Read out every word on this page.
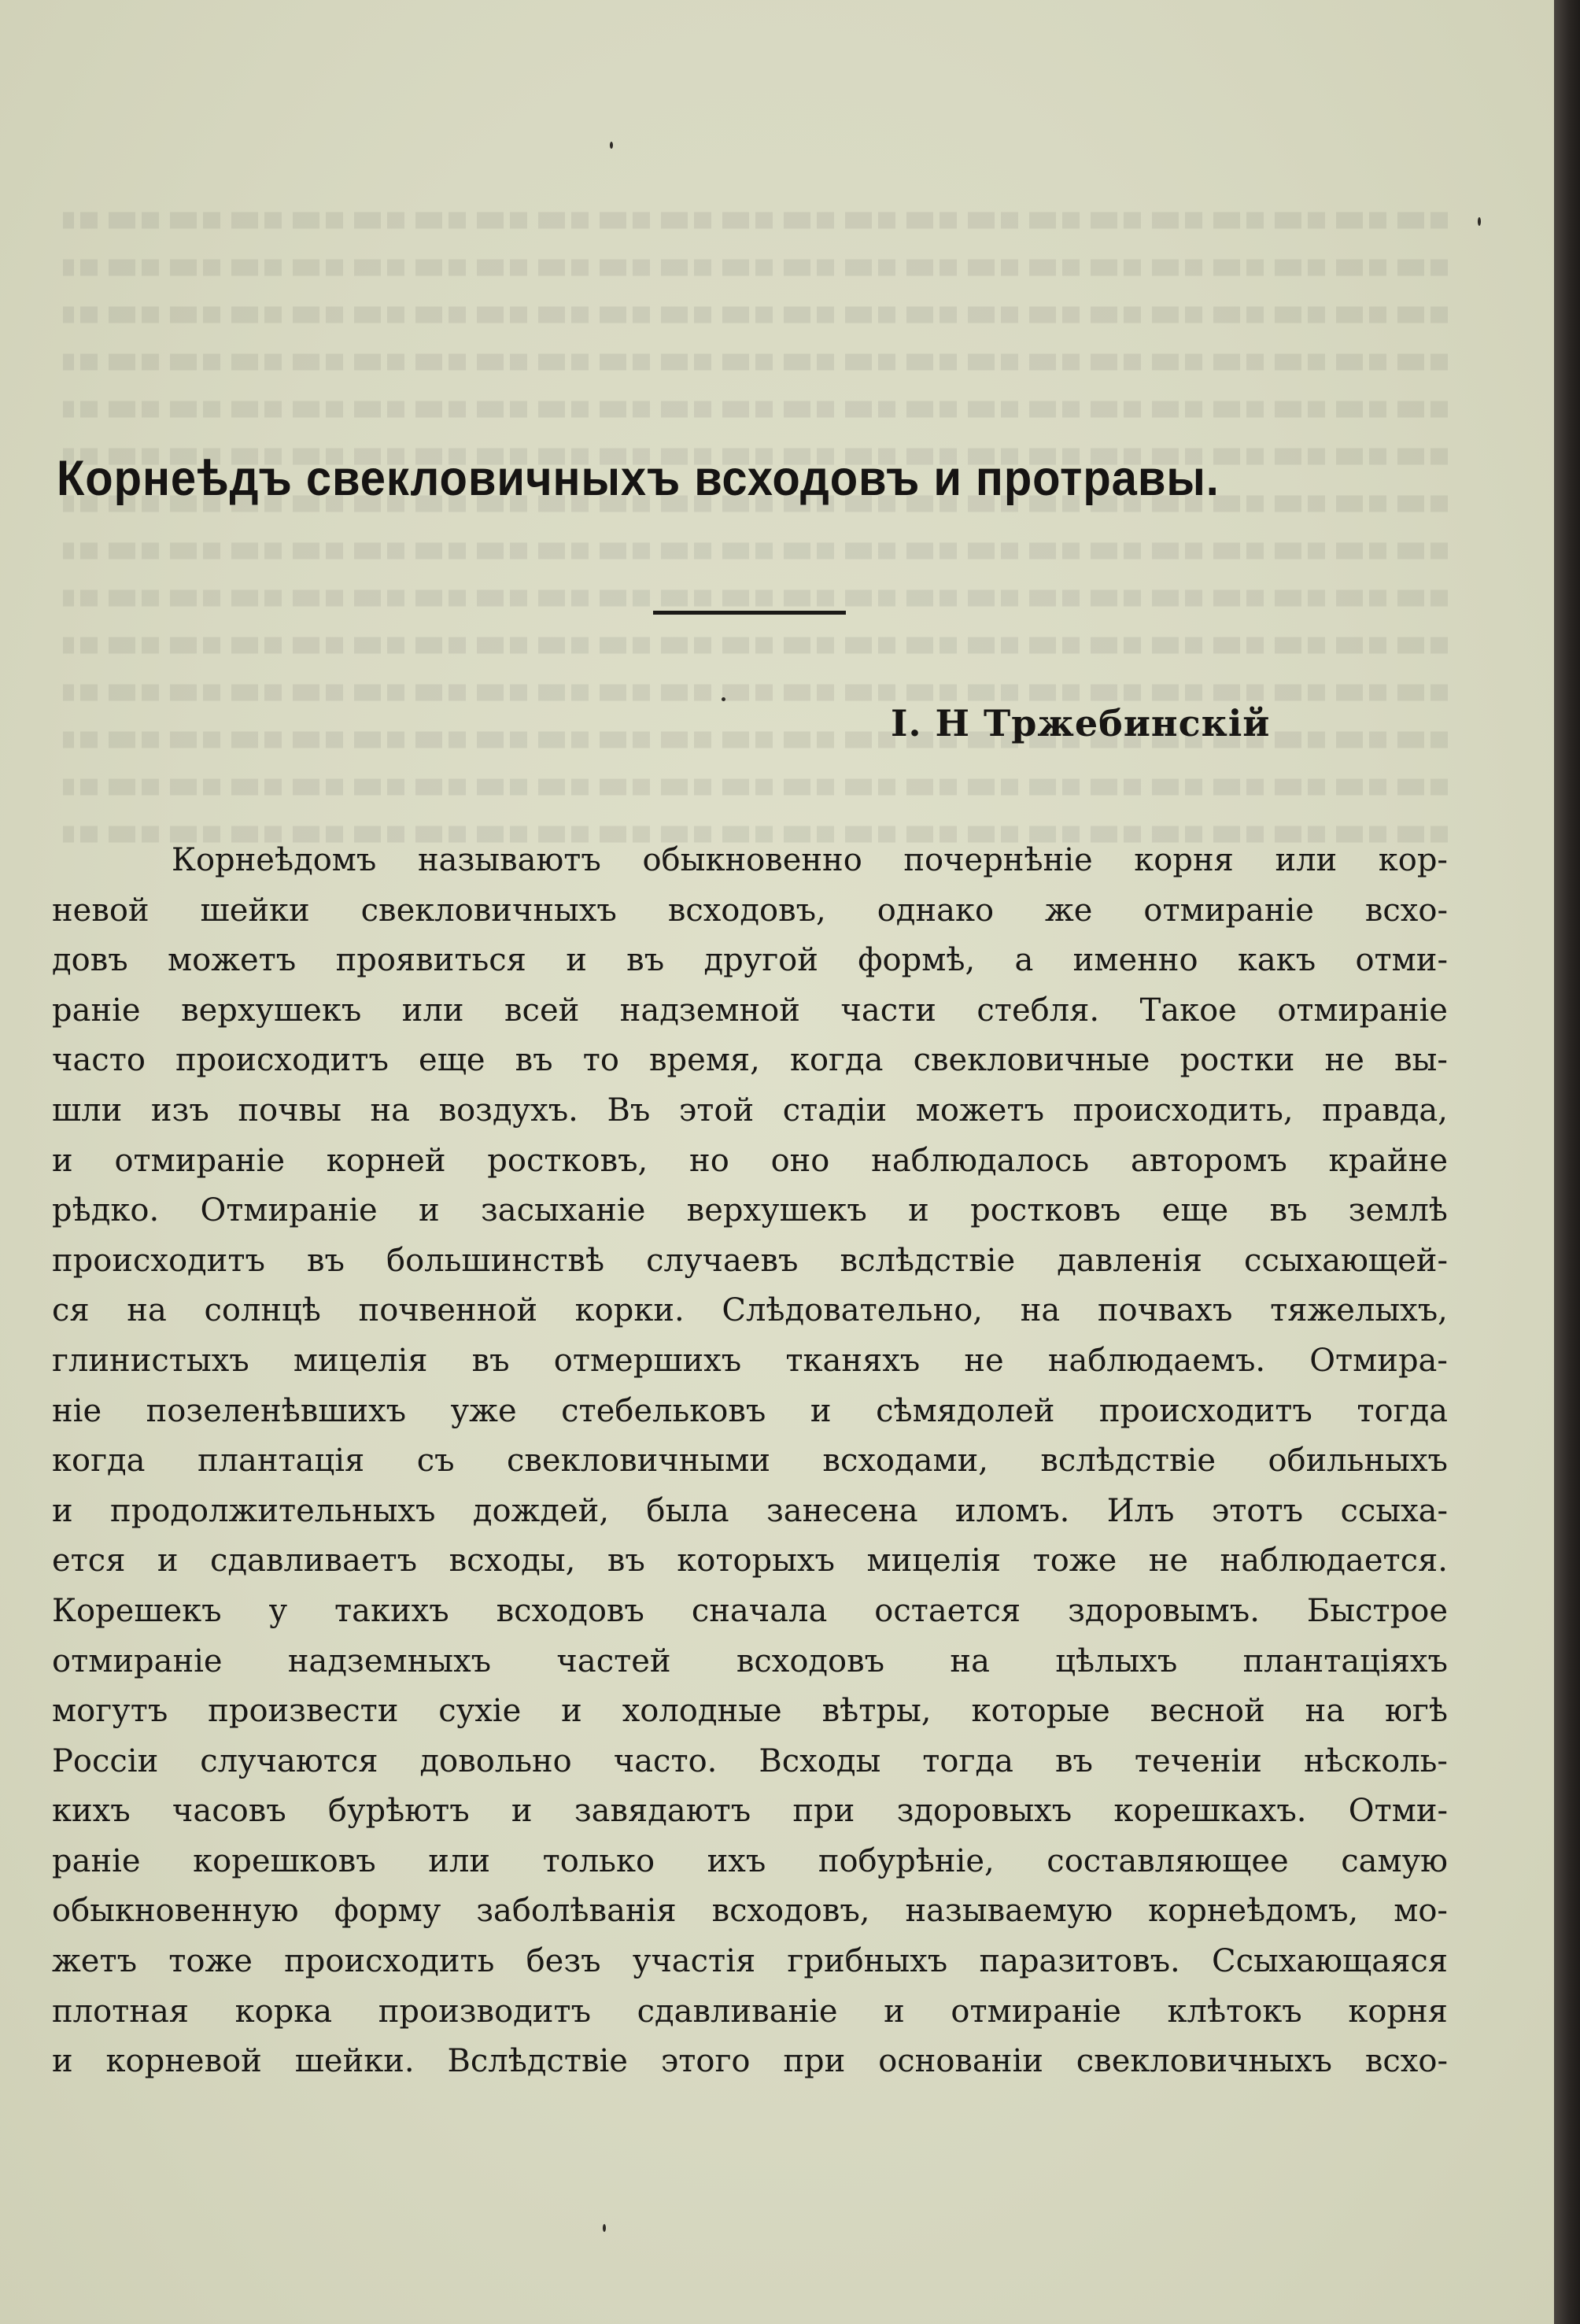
Корнеѣдъ свекловичныхъ всходовъ и протравы.

I. Н Тржебинскій

Корнеѣдомъ называютъ обыкновенно почернѣніе корня или кор-
невой шейки свекловичныхъ всходовъ, однако же отмираніе всхо-
довъ можетъ проявиться и въ другой формѣ, а именно какъ отми-
раніе верхушекъ или всей надземной части стебля. Такое отмираніе
часто происходитъ еще въ то время, когда свекловичные ростки не вы-
шли изъ почвы на воздухъ. Въ этой стадіи можетъ происходить, правда,
и отмираніе корней ростковъ, но оно наблюдалось авторомъ крайне
рѣдко. Отмираніе и засыханіе верхушекъ и ростковъ еще въ землѣ
происходитъ въ большинствѣ случаевъ вслѣдствіе давленія ссыхающей-
ся на солнцѣ почвенной корки. Слѣдовательно, на почвахъ тяжелыхъ,
глинистыхъ мицелія въ отмершихъ тканяхъ не наблюдаемъ. Отмира-
ніе позеленѣвшихъ уже стебельковъ и сѣмядолей происходитъ тогда
когда плантація съ свекловичными всходами, вслѣдствіе обильныхъ
и продолжительныхъ дождей, была занесена иломъ. Илъ этотъ ссыха-
ется и сдавливаетъ всходы, въ которыхъ мицелія тоже не наблюдается.
Корешекъ у такихъ всходовъ сначала остается здоровымъ. Быстрое
отмираніе надземныхъ частей всходовъ на цѣлыхъ плантаціяхъ
могутъ произвести сухіе и холодные вѣтры, которые весной на югѣ
Россіи случаются довольно часто. Всходы тогда въ теченіи нѣсколь-
кихъ часовъ бурѣютъ и завядаютъ при здоровыхъ корешкахъ. Отми-
раніе корешковъ или только ихъ побурѣніе, составляющее самую
обыкновенную форму заболѣванія всходовъ, называемую корнеѣдомъ, мо-
жетъ тоже происходить безъ участія грибныхъ паразитовъ. Ссыхающаяся
плотная корка производитъ сдавливаніе и отмираніе клѣтокъ корня
и корневой шейки. Вслѣдствіе этого при основаніи свекловичныхъ всхо-
